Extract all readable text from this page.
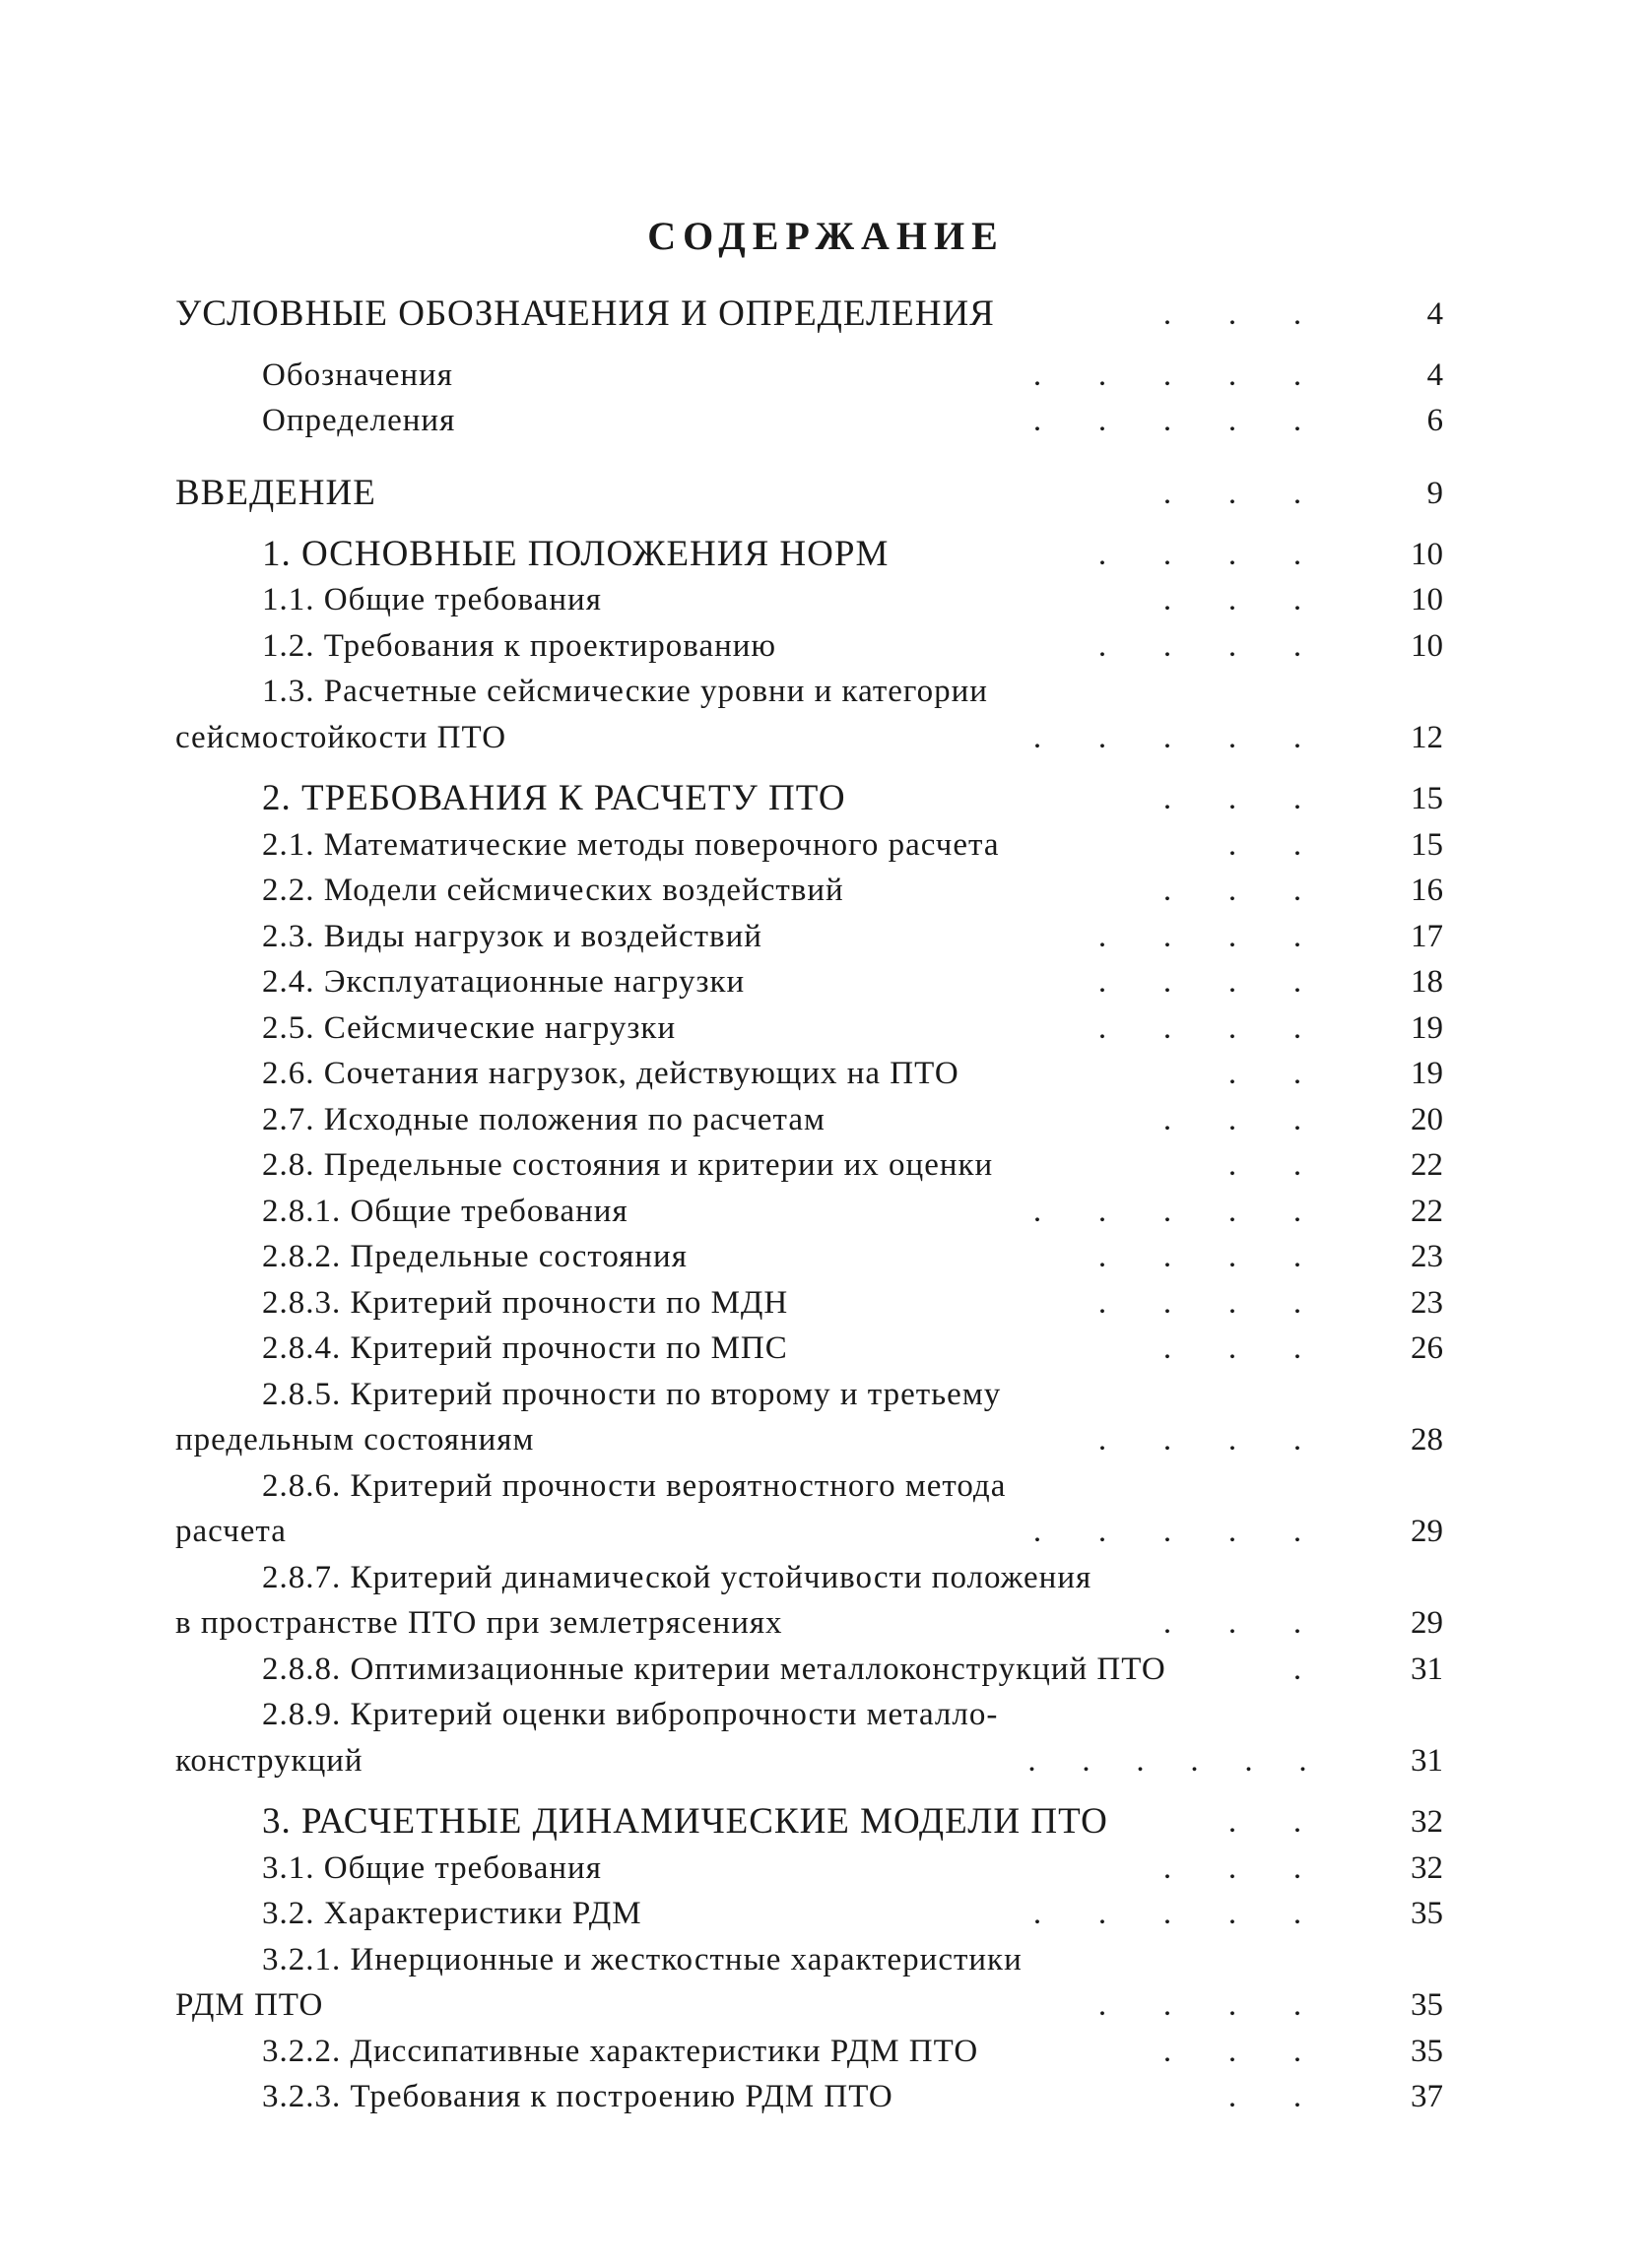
СОДЕРЖАНИЕ
УСЛОВНЫЕ ОБОЗНАЧЕНИЯ И ОПРЕДЕЛЕНИЯ	.	.	.	4
Обозначения	.	.	.	.	.	4
Определения	.	.	.	.	.	6
ВВЕДЕНИЕ	.	.	.	9
1. ОСНОВНЫЕ ПОЛОЖЕНИЯ НОРМ	.	.	.	.	10
1.1. Общие требования	.	.	.	10
1.2. Требования к проектированию	.	.	.	.	10
1.3. Расчетные сейсмические уровни и категории
сейсмостойкости ПТО	.	.	.	.	.	12
2. ТРЕБОВАНИЯ К РАСЧЕТУ ПТО	.	.	.	15
2.1. Математические методы поверочного расчета	.	.	15
2.2. Модели сейсмических воздействий	.	.	.	16
2.3. Виды нагрузок и воздействий	.	.	.	.	17
2.4. Эксплуатационные нагрузки	.	.	.	.	18
2.5. Сейсмические нагрузки	.	.	.	.	19
2.6. Сочетания нагрузок, действующих на ПТО	.	.	19
2.7. Исходные положения по расчетам	.	.	.	20
2.8. Предельные состояния и критерии их оценки	.	.	22
2.8.1. Общие требования	.	.	.	.	.	22
2.8.2. Предельные состояния	.	.	.	.	23
2.8.3. Критерий прочности по МДН	.	.	.	.	23
2.8.4. Критерий прочности по МПС	.	.	.	26
2.8.5. Критерий прочности по второму и третьему
предельным состояниям	.	.	.	.	28
2.8.6. Критерий прочности вероятностного метода
расчета	.	.	.	.	.	29
2.8.7. Критерий динамической устойчивости положения
в пространстве ПТО при землетрясениях	.	.	.	29
2.8.8. Оптимизационные критерии металлоконструкций ПТО	.	31
2.8.9. Критерий оценки вибропрочности металло-
конструкций	.	.	.	.	.	.	31
3. РАСЧЕТНЫЕ ДИНАМИЧЕСКИЕ МОДЕЛИ ПТО	.	.	32
3.1. Общие требования	.	.	.	32
3.2. Характеристики РДМ	.	.	.	.	.	35
3.2.1. Инерционные и жесткостные характеристики
РДМ ПТО	.	.	.	.	35
3.2.2. Диссипативные характеристики РДМ ПТО	.	.	.	35
3.2.3. Требования к построению РДМ ПТО	.	.	37
